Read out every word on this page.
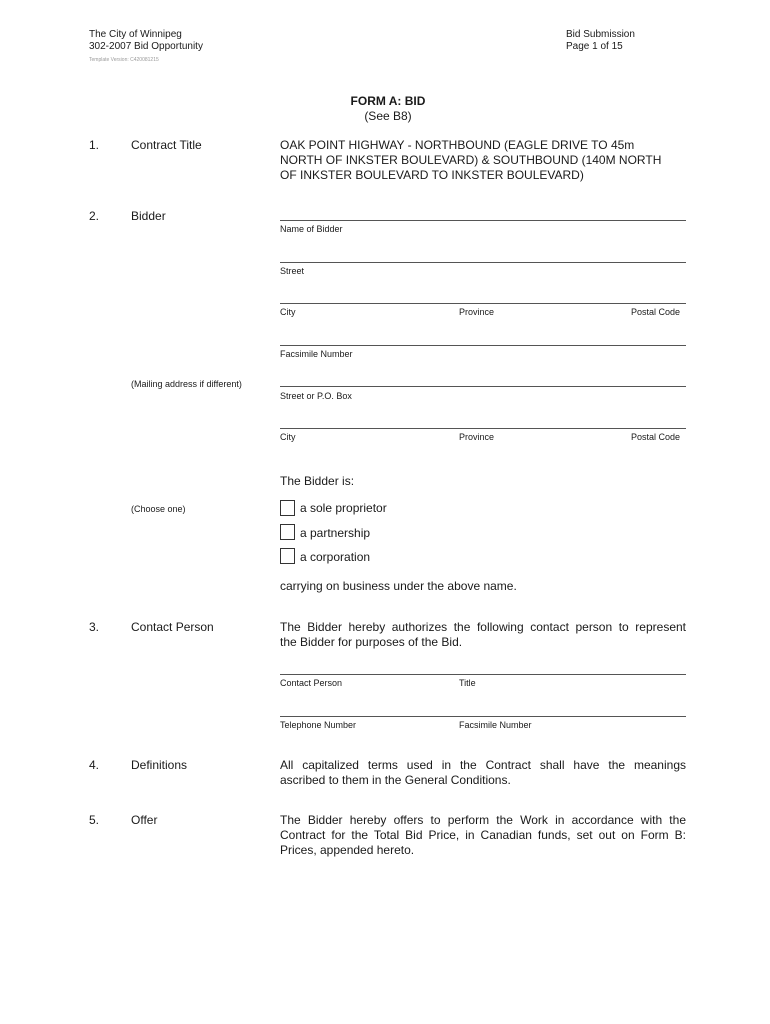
The City of Winnipeg
302-2007 Bid Opportunity
Template Version: C420081215
Bid Submission
Page 1 of 15
FORM A: BID
(See B8)
1.	Contract Title	OAK POINT HIGHWAY - NORTHBOUND (EAGLE DRIVE TO 45m
NORTH OF INKSTER BOULEVARD) & SOUTHBOUND (140M NORTH
OF INKSTER BOULEVARD TO INKSTER BOULEVARD)
2.	Bidder
Name of Bidder
Street
City	Province	Postal Code
Facsimile Number
(Mailing address if different)
Street or P.O. Box
City	Province	Postal Code
The Bidder is:
(Choose one)	a sole proprietor
a partnership
a corporation
carrying on business under the above name.
3.	Contact Person	The Bidder hereby authorizes the following contact person to represent
the Bidder for purposes of the Bid.
Contact Person	Title
Telephone Number	Facsimile Number
4.	Definitions	All capitalized terms used in the Contract shall have the meanings
ascribed to them in the General Conditions.
5.	Offer	The Bidder hereby offers to perform the Work in accordance with the
Contract for the Total Bid Price, in Canadian funds, set out on Form B:
Prices, appended hereto.
